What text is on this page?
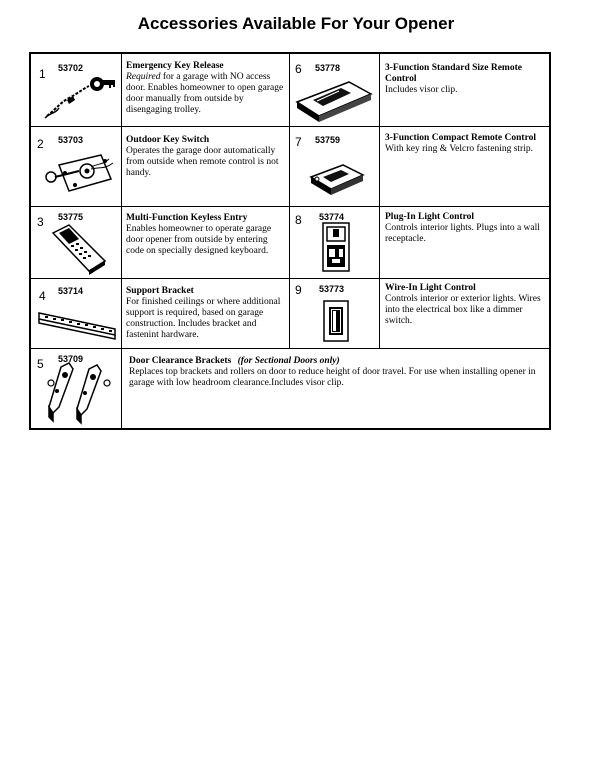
Accessories Available For Your Opener
1 53702	Emergency Key Release
Required for a garage with NO access door. Enables homeowner to open garage door manually from outside by disengaging trolley.
6 53778	3-Function Standard Size Remote Control
Includes visor clip.
2 53703	Outdoor Key Switch
Operates the garage door automatically from outside when remote control is not handy.
7 53759	3-Function Compact Remote Control
With key ring & Velcro fastening strip.
3 53775	Multi-Function Keyless Entry
Enables homeowner to operate garage door opener from outside by entering code on specially designed keyboard.
8 53774	Plug-In Light Control
Controls interior lights. Plugs into a wall receptacle.
4 53714	Support Bracket
For finished ceilings or where additional support is required, based on garage construction. Includes bracket and fastenint hardware.
9 53773	Wire-In Light Control
Controls interior or exterior lights. Wires into the electrical box like a dimmer switch.
5 53709	Door Clearance Brackets (for Sectional Doors only)
Replaces top brackets and rollers on door to reduce height of door travel. For use when installing opener in garage with low headroom clearance.Includes visor clip.
